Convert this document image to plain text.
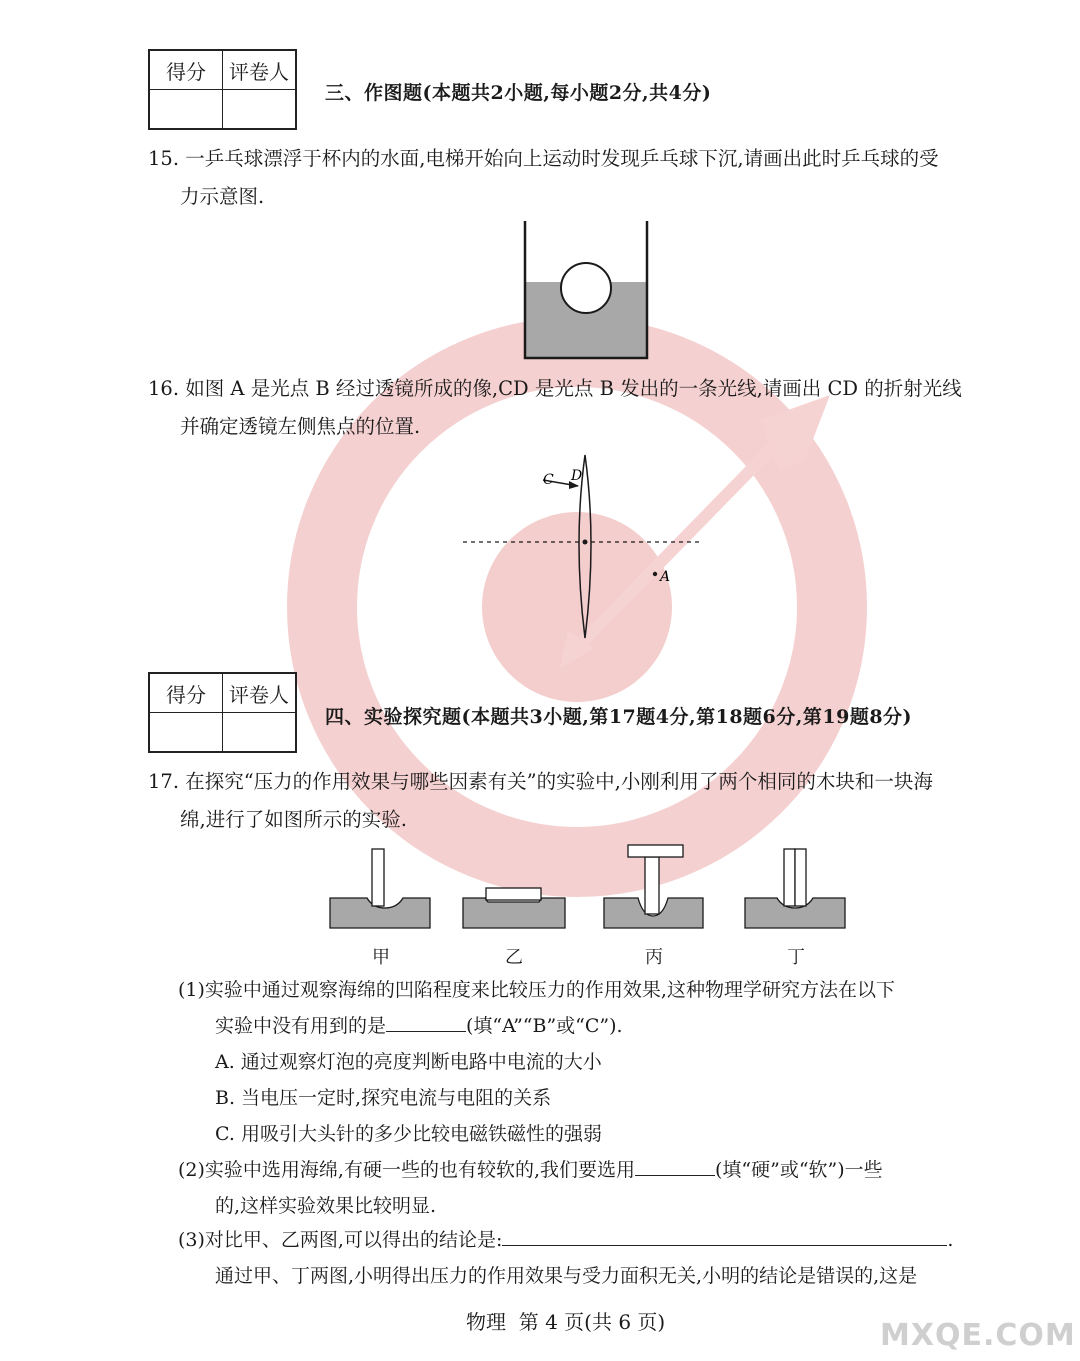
得分	评卷人

三、作图题(本题共2小题,每小题2分,共4分)
15. 一乒乓球漂浮于杯内的水面,电梯开始向上运动时发现乒乓球下沉,请画出此时乒乓球的受
力示意图.
16. 如图 A 是光点 B 经过透镜所成的像,CD 是光点 B 发出的一条光线,请画出 CD 的折射光线
并确定透镜左侧焦点的位置.
C D
A
得分	评卷人

四、实验探究题(本题共3小题,第17题4分,第18题6分,第19题8分)
17. 在探究“压力的作用效果与哪些因素有关”的实验中,小刚利用了两个相同的木块和一块海
绵,进行了如图所示的实验.
甲	乙	丙	丁
(1)实验中通过观察海绵的凹陷程度来比较压力的作用效果,这种物理学研究方法在以下
实验中没有用到的是	(填“A”“B”或“C”).
A. 通过观察灯泡的亮度判断电路中电流的大小
B. 当电压一定时,探究电流与电阻的关系
C. 用吸引大头针的多少比较电磁铁磁性的强弱
(2)实验中选用海绵,有硬一些的也有较软的,我们要选用	(填“硬”或“软”)一些
的,这样实验效果比较明显.
(3)对比甲、乙两图,可以得出的结论是:	.
通过甲、丁两图,小明得出压力的作用效果与受力面积无关,小明的结论是错误的,这是
物理  第 4 页(共 6 页)	MXQE.COM
